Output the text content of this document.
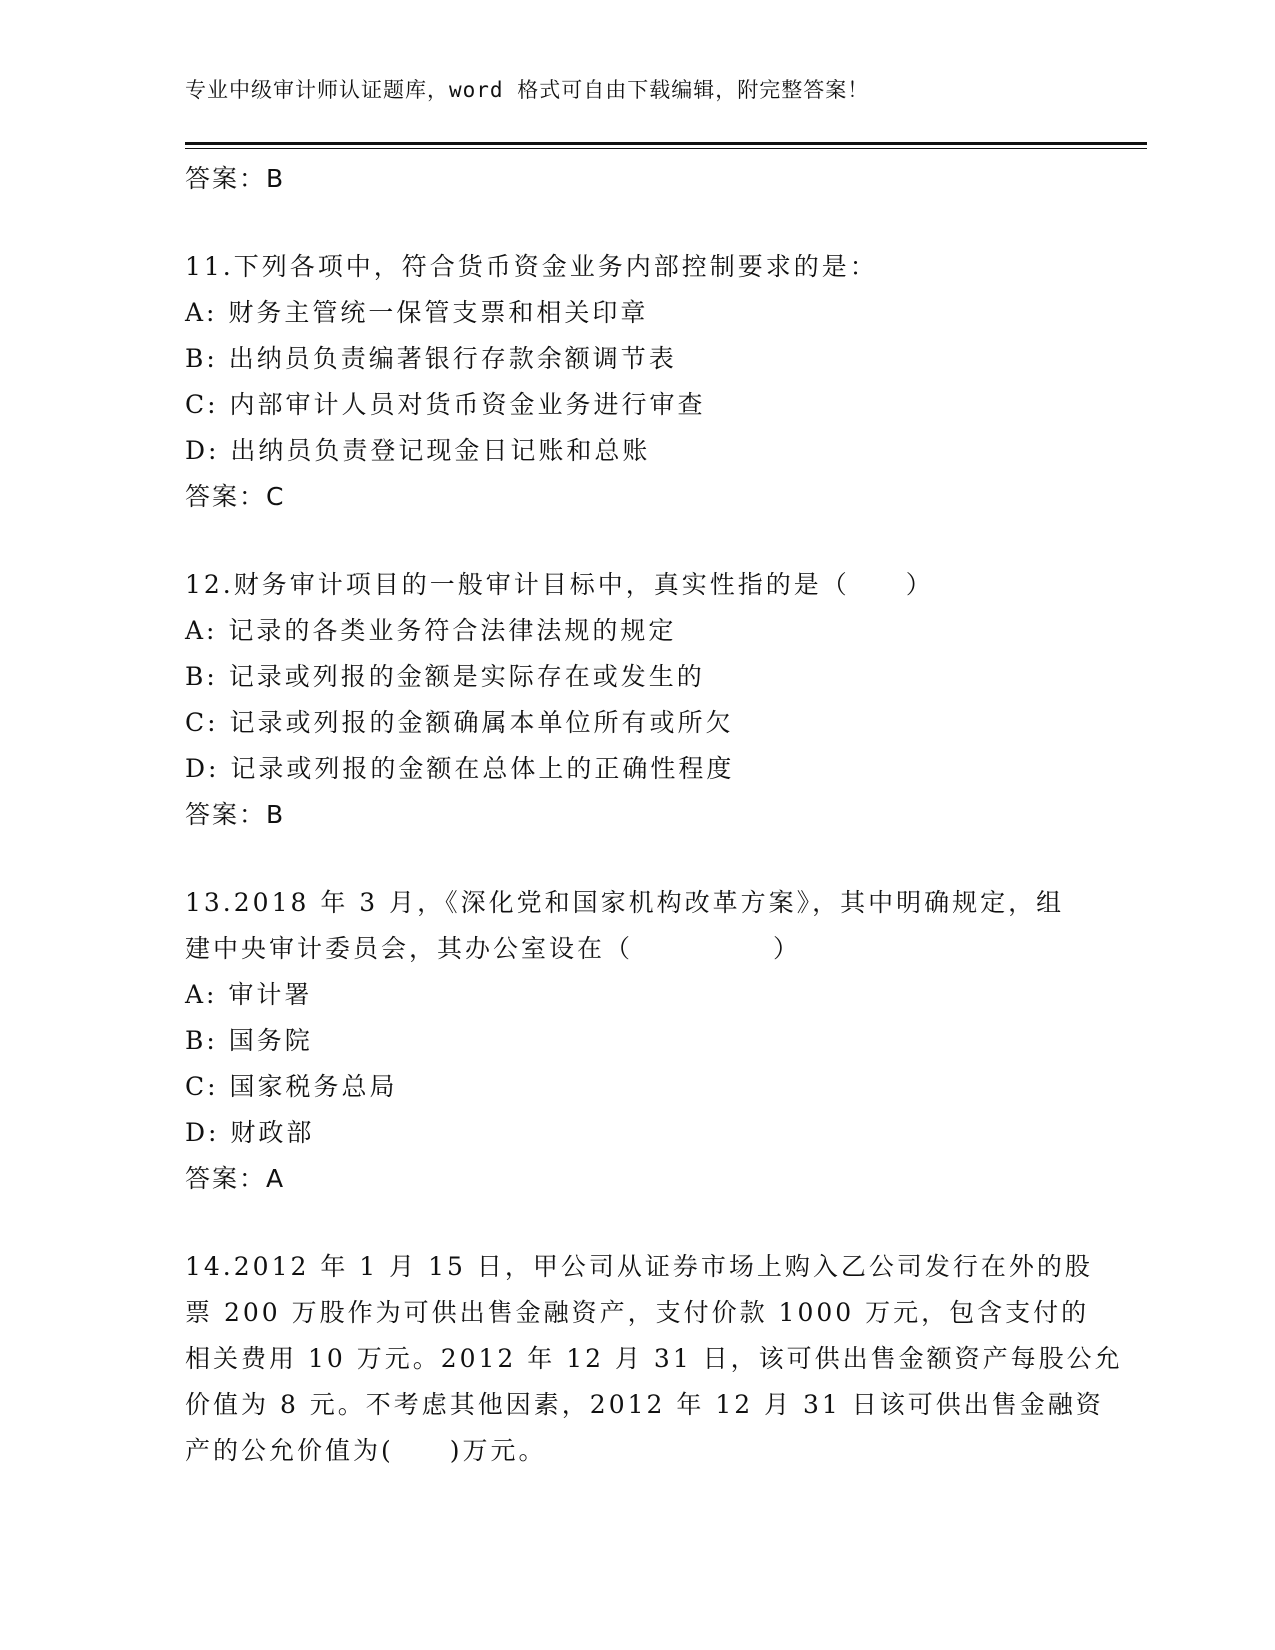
专业中级审计师认证题库，word 格式可自由下载编辑，附完整答案！
答案：B
11.下列各项中，符合货币资金业务内部控制要求的是：
A: 财务主管统一保管支票和相关印章
B: 出纳员负责编著银行存款余额调节表
C: 内部审计人员对货币资金业务进行审查
D: 出纳员负责登记现金日记账和总账
答案：C
12.财务审计项目的一般审计目标中，真实性指的是（　　）
A: 记录的各类业务符合法律法规的规定
B: 记录或列报的金额是实际存在或发生的
C: 记录或列报的金额确属本单位所有或所欠
D: 记录或列报的金额在总体上的正确性程度
答案：B
13.2018 年 3 月，《深化党和国家机构改革方案》，其中明确规定，组
建中央审计委员会，其办公室设在（　　　　　）
A: 审计署
B: 国务院
C: 国家税务总局
D: 财政部
答案：A
14.2012 年 1 月 15 日，甲公司从证券市场上购入乙公司发行在外的股
票 200 万股作为可供出售金融资产，支付价款 1000 万元，包含支付的
相关费用 10 万元。2012 年 12 月 31 日，该可供出售金额资产每股公允
价值为 8 元。不考虑其他因素，2012 年 12 月 31 日该可供出售金融资
产的公允价值为(　　)万元。
